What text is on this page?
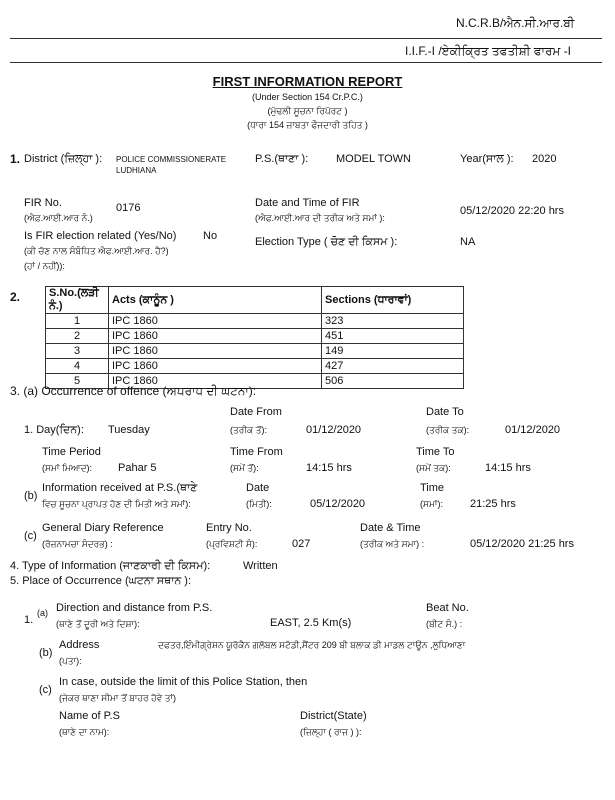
N.C.R.B/ਐਨ.ਸੀ.ਆਰ.ਬੀ
I.I.F.-I /ਏਕੀਕ੍ਰਿਤ ਤਫਤੀਸ਼ੀ ਫਾਰਮ -I
FIRST INFORMATION REPORT
(Under Section 154 Cr.P.C.)
(ਮੁੱਢਲੀ ਸੂਚਨਾ ਰਿਪੋਰਟ )
(ਧਾਰਾ 154 ਜ਼ਾਬਤਾ ਫੌਜਦਾਰੀ ਤਹਿਤ )
1. District (ਜ਼ਿਲ੍ਹਾ ): POLICE COMMISSIONERATE
LUDHIANA
P.S.(ਥਾਣਾ ):	MODEL TOWN	Year(ਸਾਲ ): 2020
FIR No.
(ਐਫ਼.ਆਈ.ਆਰ ਨੰ.)
0176	Date and Time of FIR
(ਐਫ.ਆਈ.ਆਰ ਦੀ ਤਰੀਕ ਅਤੇ ਸਮਾਂ ):
05/12/2020 22:20 hrs
Is FIR election related (Yes/No) No
(ਕੀ ਚੋਣ ਨਾਲ ਸੰਬੰਧਿਤ ਐਫ.ਆਈ.ਆਰ. ਹੈ?)
(ਹਾਂ / ਨਹੀਂ)):
Election Type ( ਚੋਣ ਦੀ ਕਿਸਮ ):	NA
2.	S.No.(ਲੜੀ ਨੰ.)	Acts (ਕਾਨੂੰਨ )	Sections (ਧਾਰਾਵਾਂ)
1	IPC 1860	323
2	IPC 1860	451
3	IPC 1860	149
4	IPC 1860	427
5	IPC 1860	506
3. (a) Occurrence of offence (ਅਪਰਾਧ ਦੀ ਘਟਨਾ):
Date From	Date To
1. Day(ਦਿਨ): Tuesday	(ਤਰੀਕ ਤੋਂ):	01/12/2020	(ਤਰੀਕ ਤਕ):	01/12/2020
Time Period	Time From	Time To
(ਸਮਾਂ ਮਿਆਦ): Pahar 5	(ਸਮੇਂ ਤੋਂ):	14:15 hrs	(ਸਮੇਂ ਤਕ):	14:15 hrs
(b)
Information received at P.S.(ਥਾਣੇ
ਵਿਚ ਸੂਚਨਾ ਪ੍ਰਾਪਤ ਹੋਣ ਦੀ ਮਿਤੀ ਅਤੇ ਸਮਾਂ):
Date
(ਮਿਤੀ):	05/12/2020
Time
(ਸਮਾਂ): 21:25 hrs
(c)
General Diary Reference
(ਰੋਜ਼ਨਾਮਚਾ ਸੰਦਰਭ) :
Entry No.
(ਪ੍ਰਵਿਸ਼ਟੀ ਸੰ):	027
Date & Time
(ਤਰੀਕ ਅਤੇ ਸਮਾ) :	05/12/2020 21:25 hrs
4. Type of Information (ਜਾਣਕਾਰੀ ਦੀ ਕਿਸਮ):	Written
5. Place of Occurrence (ਘਟਨਾ ਸਥਾਨ ):
1.
(a) Direction and distance from P.S.
(ਥਾਣੇ ਤੋਂ ਦੂਰੀ ਅਤੇ ਦਿਸ਼ਾ):	EAST, 2.5 Km(s)
Beat No.
(ਬੀਟ ਸੰ.) :
(b)
Address
(ਪਤਾ):
ਦਫਤਰ,ਇੰਮੀਗ੍ਰੇਸ਼ਨ ਯੂਰੋਕੈਨ ਗਲੋਬਲ ਸਟੱਡੀ,ਸੈਂਟਰ 209 ਬੀ ਬਲਾਕ ਡੀ ਮਾਡਲ ਟਾਊਨ ,ਲੁਧਿਆਣਾ
(c)
In case, outside the limit of this Police Station, then
(ਜੇਕਰ ਥਾਣਾ ਸੀਮਾ ਤੋਂ ਬਾਹਰ ਹੋਵੇ ਤਾਂ)
Name of P.S
(ਥਾਣੇ ਦਾ ਨਾਮ):
District(State)
(ਜ਼ਿਲ੍ਹਾ ( ਰਾਜ ) ):
